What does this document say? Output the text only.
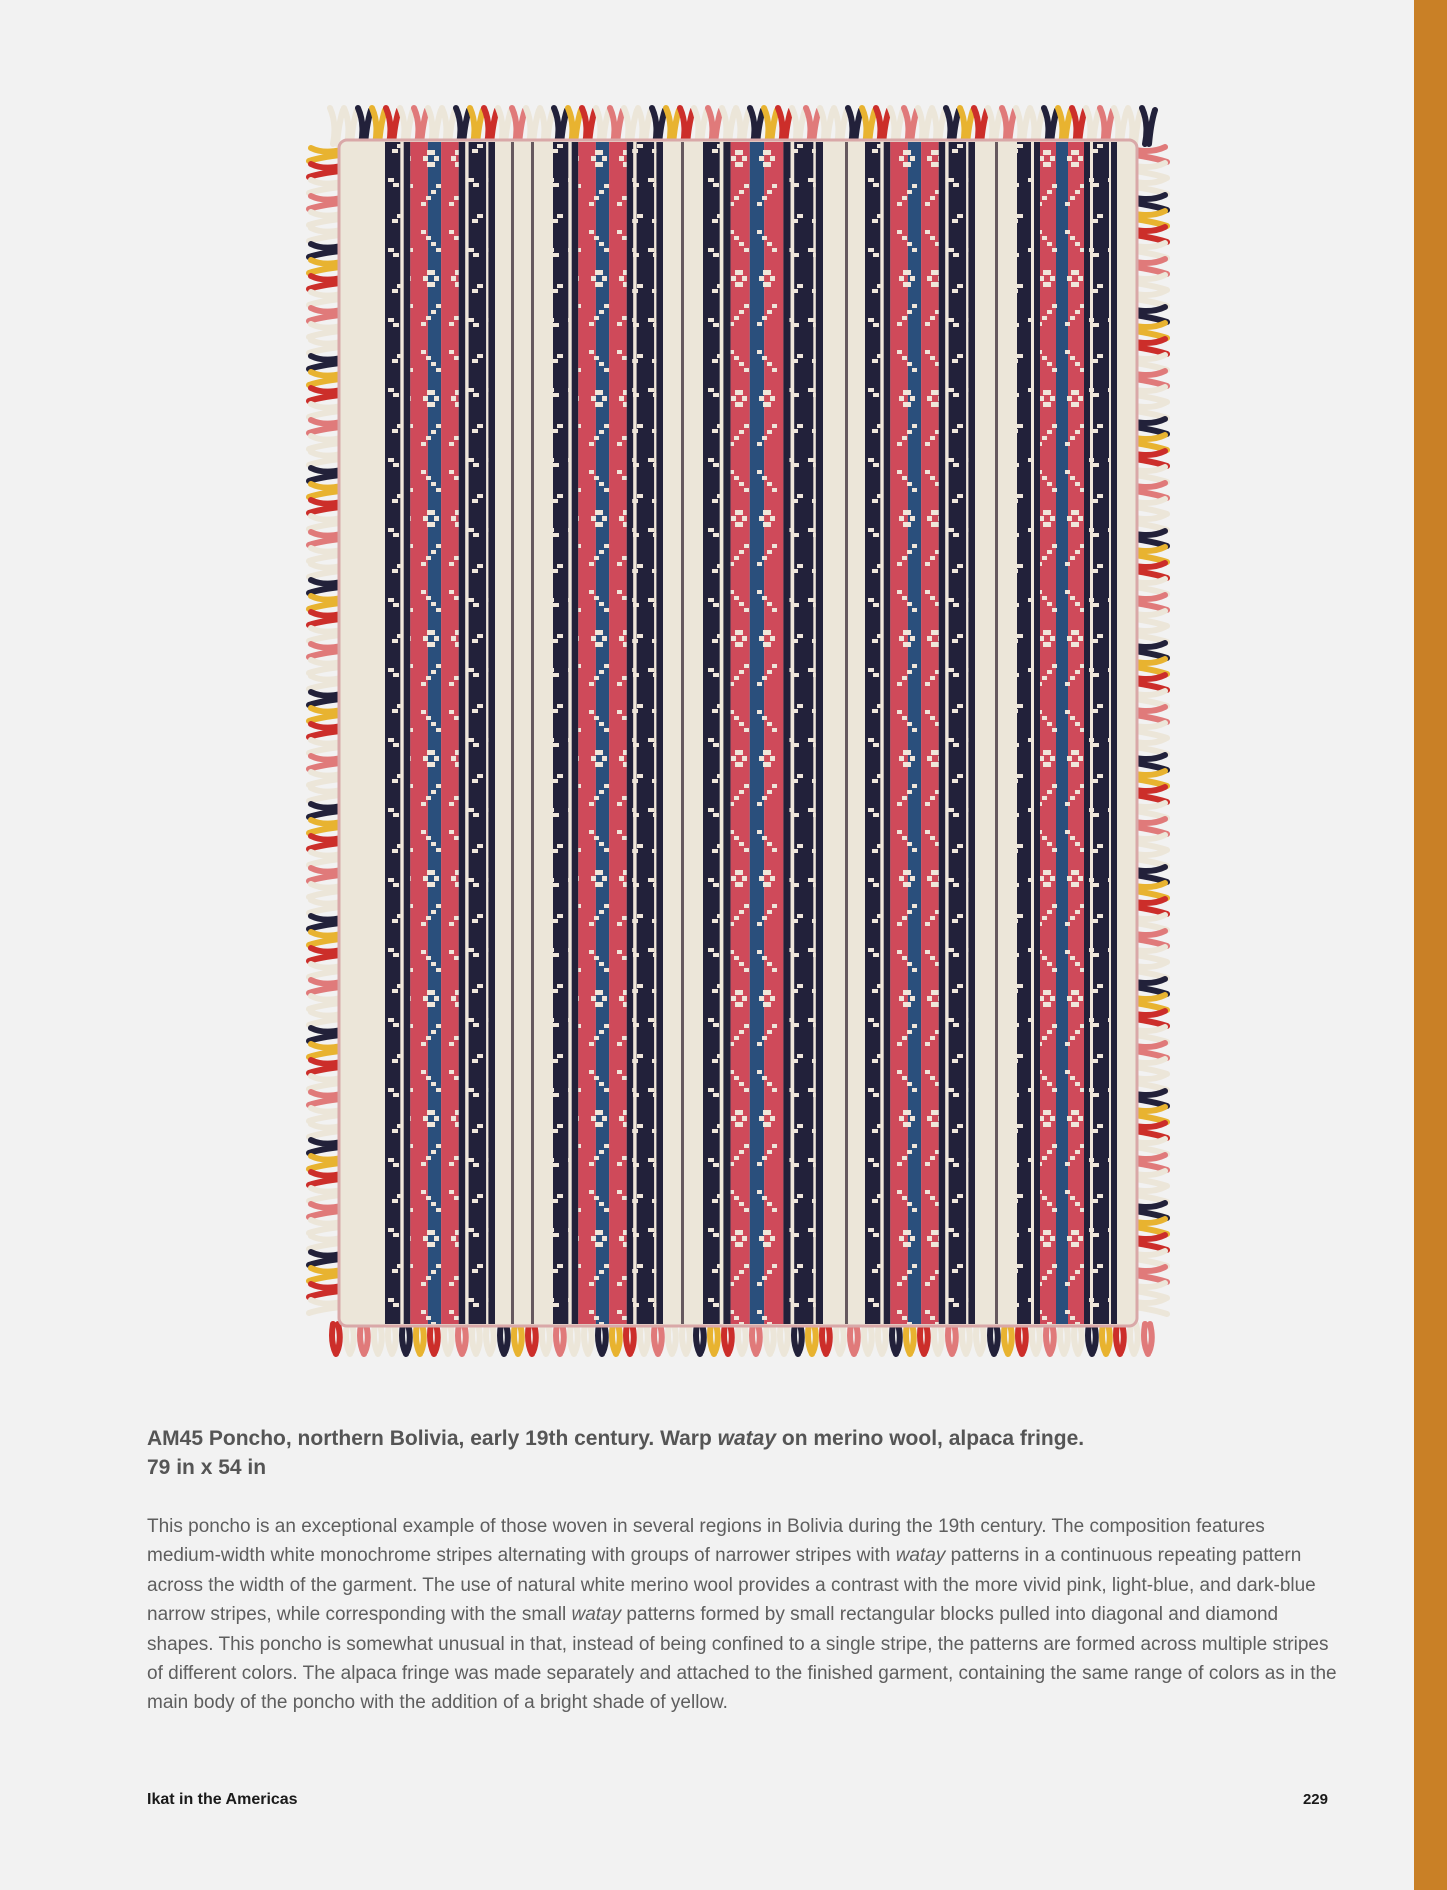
AM45 Poncho, northern Bolivia, early 19th century. Warp watay on merino wool, alpaca fringe.
79 in x 54 in

This poncho is an exceptional example of those woven in several regions in Bolivia during the 19th century. The composition features medium-width white monochrome stripes alternating with groups of narrower stripes with watay patterns in a continuous repeating pattern across the width of the garment. The use of natural white merino wool provides a contrast with the more vivid pink, light-blue, and dark-blue narrow stripes, while corresponding with the small watay patterns formed by small rectangular blocks pulled into diagonal and diamond shapes. This poncho is somewhat unusual in that, instead of being confined to a single stripe, the patterns are formed across multiple stripes of different colors. The alpaca fringe was made separately and attached to the finished garment, containing the same range of colors as in the main body of the poncho with the addition of a bright shade of yellow.

Ikat in the Americas	229
